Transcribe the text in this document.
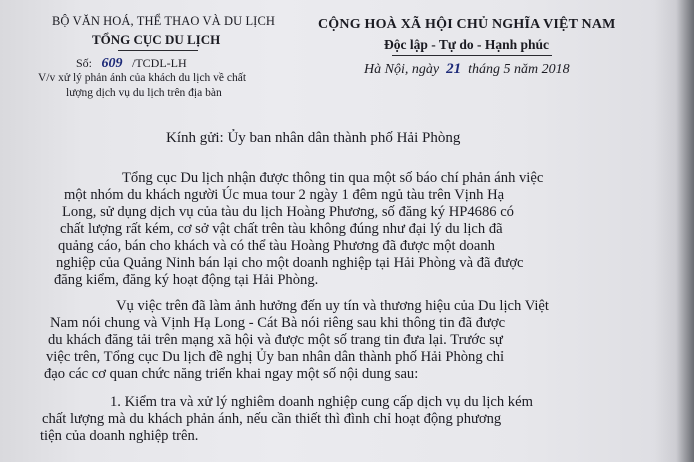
BỘ VĂN HOÁ, THỂ THAO VÀ DU LỊCH
TỔNG CỤC DU LỊCH
Số: 609 /TCDL-LH
V/v xử lý phản ánh của khách du lịch về chất
lượng dịch vụ du lịch trên địa bàn
CỘNG HOÀ XÃ HỘI CHỦ NGHĨA VIỆT NAM
Độc lập - Tự do - Hạnh phúc
Hà Nội, ngày 21 tháng 5 năm 2018
Kính gửi: Ủy ban nhân dân thành phố Hải Phòng
Tổng cục Du lịch nhận được thông tin qua một số báo chí phản ánh việc
một nhóm du khách người Úc mua tour 2 ngày 1 đêm ngủ tàu trên Vịnh Hạ
Long, sử dụng dịch vụ của tàu du lịch Hoàng Phương, số đăng ký HP4686 có
chất lượng rất kém, cơ sở vật chất trên tàu không đúng như đại lý du lịch đã
quảng cáo, bán cho khách và có thể tàu Hoàng Phương đã được một doanh
nghiệp của Quảng Ninh bán lại cho một doanh nghiệp tại Hải Phòng và đã được
đăng kiểm, đăng ký hoạt động tại Hải Phòng.
Vụ việc trên đã làm ảnh hưởng đến uy tín và thương hiệu của Du lịch Việt
Nam nói chung và Vịnh Hạ Long - Cát Bà nói riêng sau khi thông tin đã được
du khách đăng tải trên mạng xã hội và được một số trang tin đưa lại. Trước sự
việc trên, Tổng cục Du lịch đề nghị Ủy ban nhân dân thành phố Hải Phòng chỉ
đạo các cơ quan chức năng triển khai ngay một số nội dung sau:
1. Kiểm tra và xử lý nghiêm doanh nghiệp cung cấp dịch vụ du lịch kém
chất lượng mà du khách phản ánh, nếu cần thiết thì đình chỉ hoạt động phương
tiện của doanh nghiệp trên.
